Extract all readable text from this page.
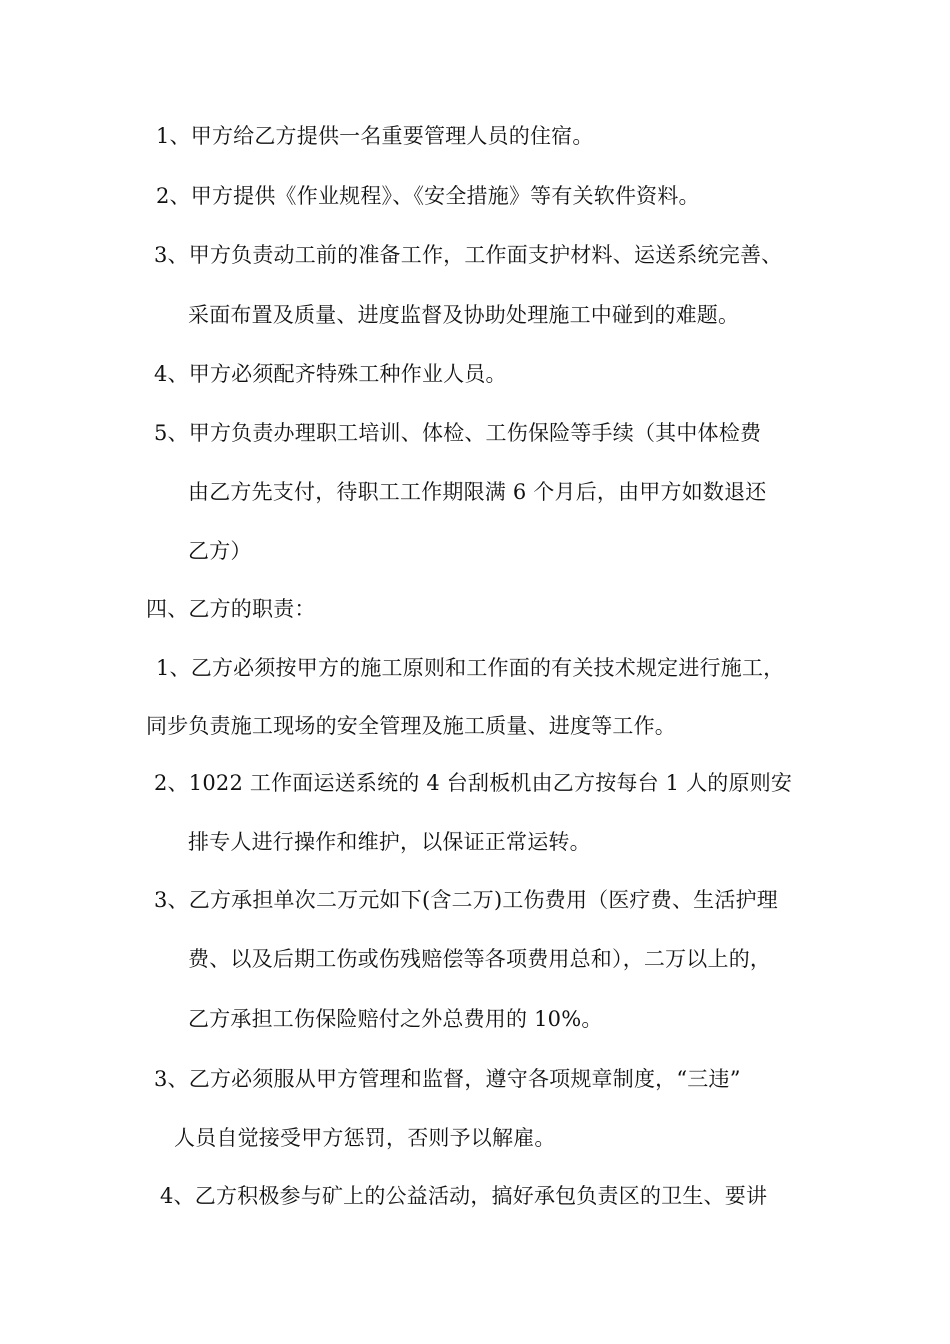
1、甲方给乙方提供一名重要管理人员的住宿。
2、甲方提供《作业规程》、《安全措施》等有关软件资料。
3、甲方负责动工前的准备工作，工作面支护材料、运送系统完善、
采面布置及质量、进度监督及协助处理施工中碰到的难题。
4、甲方必须配齐特殊工种作业人员。
5、甲方负责办理职工培训、体检、工伤保险等手续（其中体检费
由乙方先支付，待职工工作期限满 6 个月后，由甲方如数退还
乙方）
四、乙方的职责：
1、乙方必须按甲方的施工原则和工作面的有关技术规定进行施工，
同步负责施工现场的安全管理及施工质量、进度等工作。
2、1022 工作面运送系统的 4 台刮板机由乙方按每台 1 人的原则安
排专人进行操作和维护，以保证正常运转。
3、乙方承担单次二万元如下(含二万)工伤费用（医疗费、生活护理
费、以及后期工伤或伤残赔偿等各项费用总和），二万以上的，
乙方承担工伤保险赔付之外总费用的 10%。
3、乙方必须服从甲方管理和监督，遵守各项规章制度，“三违”
人员自觉接受甲方惩罚，否则予以解雇。
4、乙方积极参与矿上的公益活动，搞好承包负责区的卫生、要讲
